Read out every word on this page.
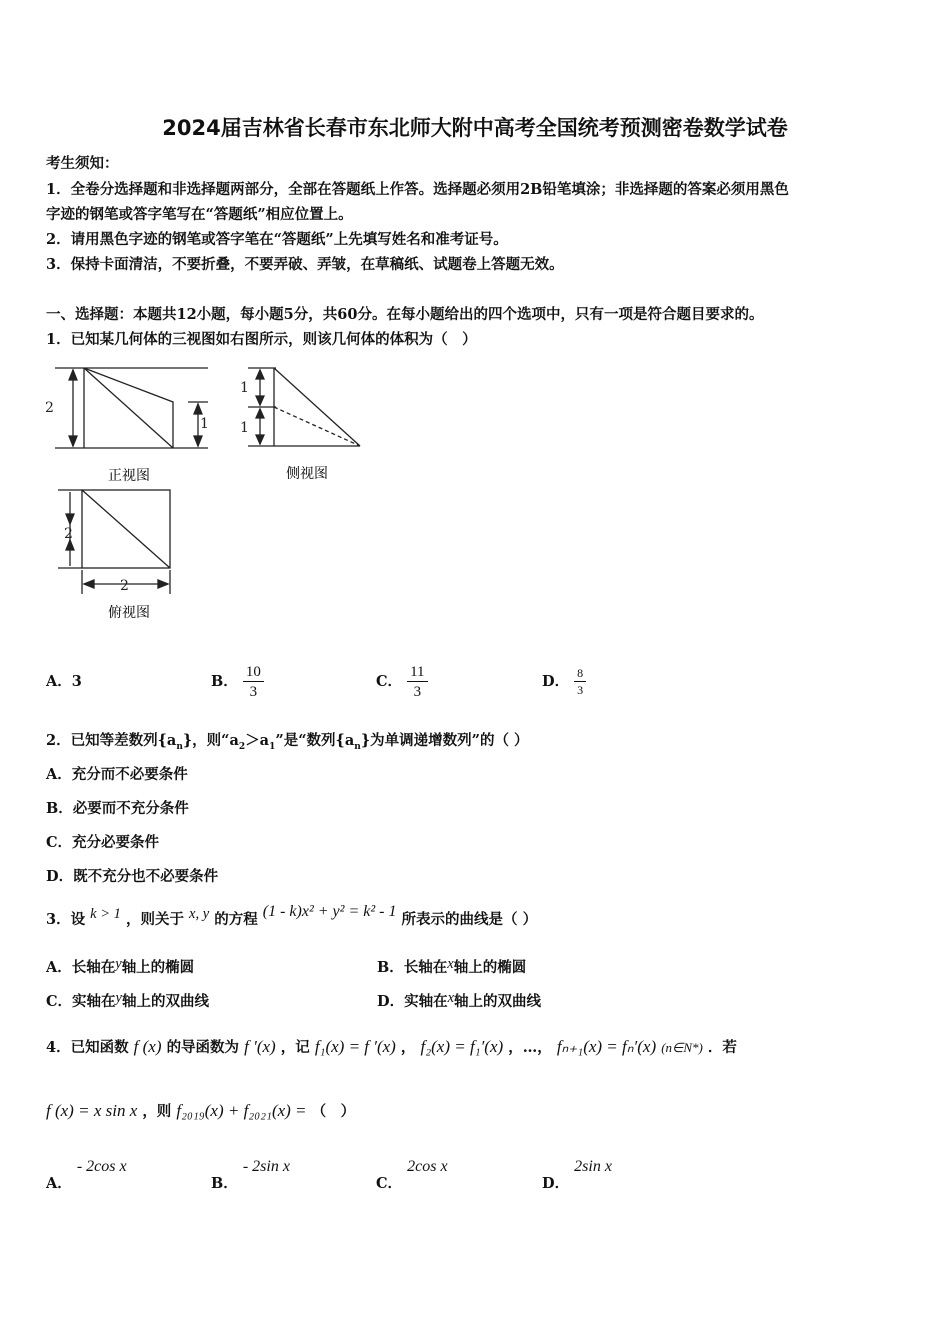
2024届吉林省长春市东北师大附中高考全国统考预测密卷数学试卷
考生须知：
1．全卷分选择题和非选择题两部分，全部在答题纸上作答。选择题必须用2B铅笔填涂；非选择题的答案必须用黑色
字迹的钢笔或答字笔写在“答题纸”相应位置上。
2．请用黑色字迹的钢笔或答字笔在“答题纸”上先填写姓名和准考证号。
3．保持卡面清洁，不要折叠，不要弄破、弄皱，在草稿纸、试题卷上答题无效。
一、选择题：本题共12小题，每小题5分，共60分。在每小题给出的四个选项中，只有一项是符合题目要求的。
1．已知某几何体的三视图如右图所示，则该几何体的体积为（　）
2
1
正视图
1
1
侧视图
2
2
俯视图
A．3	B． $\frac{10}{3}$	C． $\frac{11}{3}$	D． $\frac{8}{3}$
2．已知等差数列$\{a_n\}$，则“$a_2>a_1$”是“数列$\{a_n\}$为单调递增数列”的（ ）
A．充分而不必要条件
B．必要而不充分条件
C．充分必要条件
D．既不充分也不必要条件
3．设 k > 1 ，则关于 x, y 的方程 (1 - k)x² + y² = k² - 1 所表示的曲线是（ ）
A．长轴在y轴上的椭圆	B．长轴在x轴上的椭圆
C．实轴在y轴上的双曲线	D．实轴在x轴上的双曲线
4．已知函数 f (x) 的导函数为 f ′(x) ，记 f₁(x) = f ′(x) ， f₂(x) = f₁′(x) ，…， fₙ₊₁(x) = fₙ′(x) (n∈N*) ．若
f (x) = x sin x ，则 f₂₀₁₉(x) + f₂₀₂₁(x) = （　）
A． - 2cos x
B． - 2sin x
C． 2cos x
D． 2sin x
